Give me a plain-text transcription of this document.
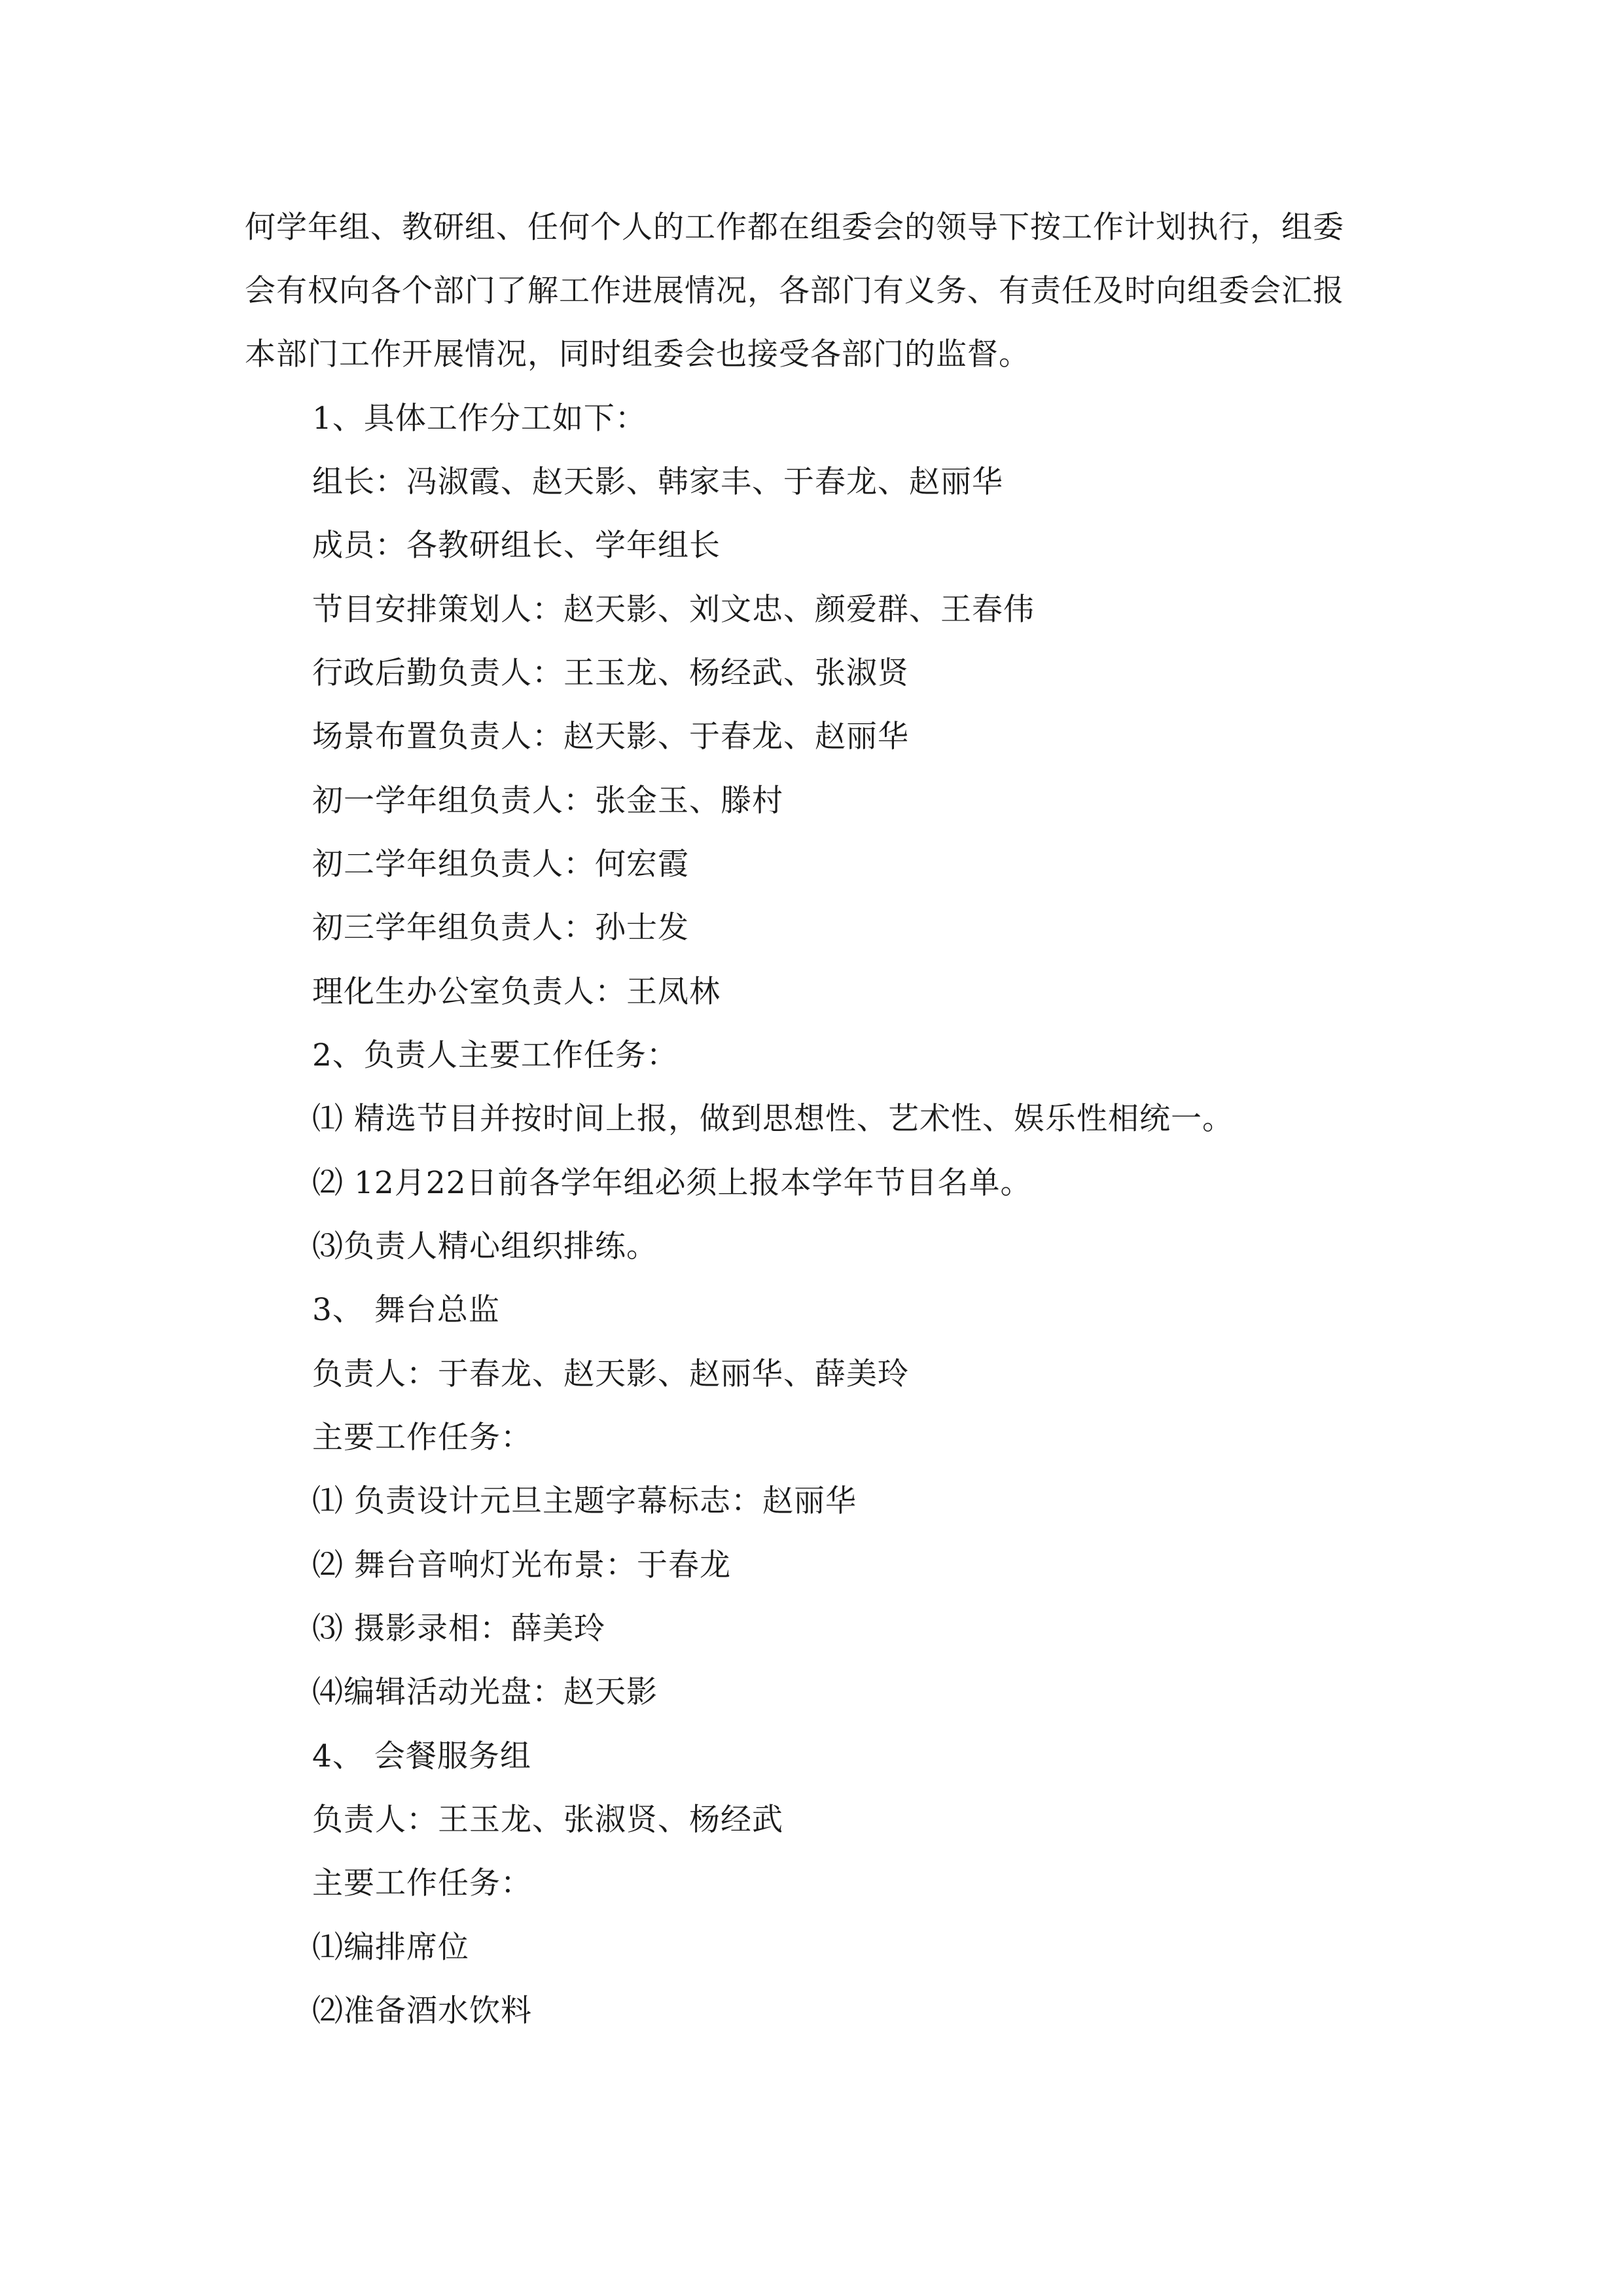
何学年组、教研组、任何个人的工作都在组委会的领导下按工作计划执行，组委
会有权向各个部门了解工作进展情况，各部门有义务、有责任及时向组委会汇报
本部门工作开展情况，同时组委会也接受各部门的监督。
1、具体工作分工如下：
组长：冯淑霞、赵天影、韩家丰、于春龙、赵丽华
成员：各教研组长、学年组长
节目安排策划人：赵天影、刘文忠、颜爱群、王春伟
行政后勤负责人：王玉龙、杨经武、张淑贤
场景布置负责人：赵天影、于春龙、赵丽华
初一学年组负责人：张金玉、滕村
初二学年组负责人：何宏霞
初三学年组负责人：孙士发
理化生办公室负责人：王凤林
2、负责人主要工作任务：
⑴ 精选节目并按时间上报，做到思想性、艺术性、娱乐性相统一。
⑵ 12月22日前各学年组必须上报本学年节目名单。
⑶负责人精心组织排练。
3、 舞台总监
负责人：于春龙、赵天影、赵丽华、薛美玲
主要工作任务：
⑴ 负责设计元旦主题字幕标志：赵丽华
⑵ 舞台音响灯光布景：于春龙
⑶ 摄影录相：薛美玲
⑷编辑活动光盘：赵天影
4、 会餐服务组
负责人：王玉龙、张淑贤、杨经武
主要工作任务：
⑴编排席位
⑵准备酒水饮料
